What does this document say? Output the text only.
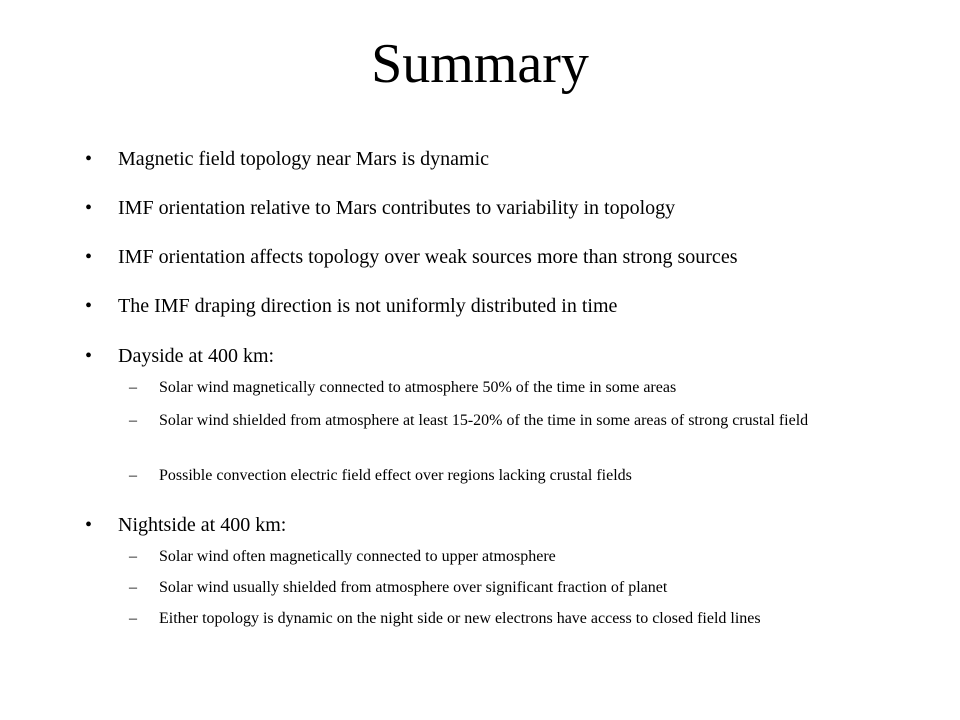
Summary
• Magnetic field topology near Mars is dynamic
• IMF orientation relative to Mars contributes to variability in topology
• IMF orientation affects topology over weak sources more than strong sources
• The IMF draping direction is not uniformly distributed in time
• Dayside at 400 km:
– Solar wind magnetically connected to atmosphere 50% of the time in some areas
– Solar wind shielded from atmosphere at least 15-20% of the time in some areas of strong crustal field
– Possible convection electric field effect over regions lacking crustal fields
• Nightside at 400 km:
– Solar wind often magnetically connected to upper atmosphere
– Solar wind usually shielded from atmosphere over significant fraction of planet
– Either topology is dynamic on the night side or new electrons have access to closed field lines
